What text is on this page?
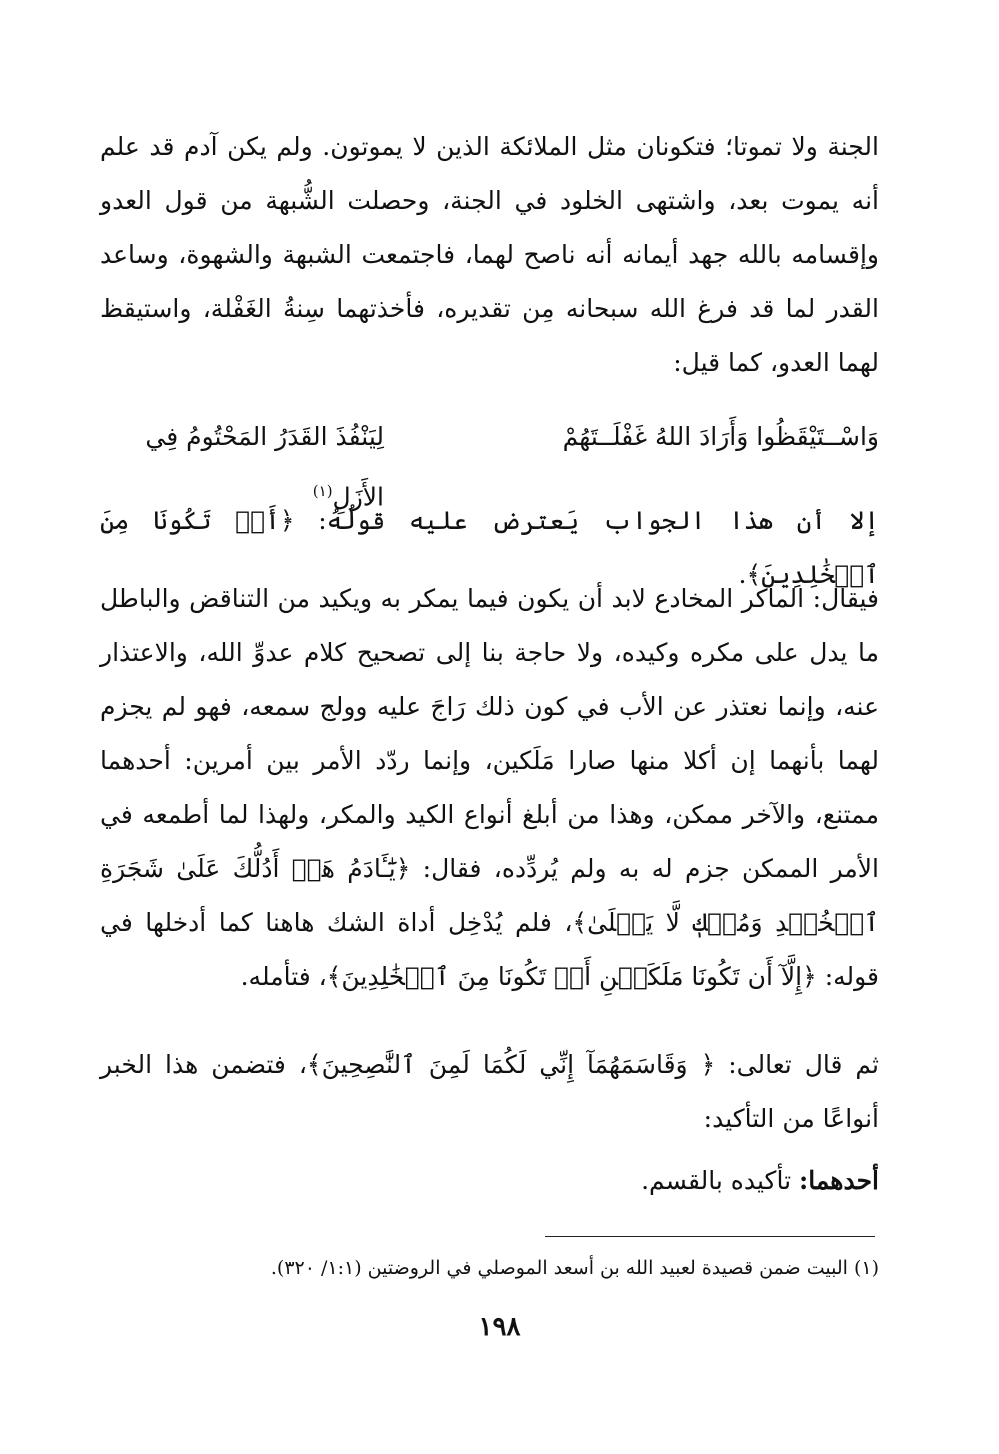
الجنة ولا تموتا؛ فتكونان مثل الملائكة الذين لا يموتون. ولم يكن آدم قد علم أنه يموت بعد، واشتهى الخلود في الجنة، وحصلت الشُّبهة من قول العدو وإقسامه بالله جهد أيمانه أنه ناصح لهما، فاجتمعت الشبهة والشهوة، وساعد القدر لما قد فرغ الله سبحانه مِن تقديره، فأخذتهما سِنةُ الغَفْلة، واستيقظ لهما العدو، كما قيل:

وَاسْــتَيْقَظُوا وَأَرَادَ اللهُ غَفْلَــتَهُمْ
لِيَنْفُذَ القَدَرُ المَحْتُومُ فِي الأَزَلِ$^{(١)}$

إلا أن هذا الجواب يَعترض عليه قولُهُ: ﴿أَوۡ تَكُونَا مِنَ ٱلۡخَٰلِدِينَ﴾.

فيقال: الماكر المخادع لابد أن يكون فيما يمكر به ويكيد من التناقض والباطل ما يدل على مكره وكيده، ولا حاجة بنا إلى تصحيح كلام عدوِّ الله، والاعتذار عنه، وإنما نعتذر عن الأب في كون ذلك رَاجَ عليه وولج سمعه، فهو لم يجزم لهما بأنهما إن أكلا منها صارا مَلَكين، وإنما ردّد الأمر بين أمرين: أحدهما ممتنع، والآخر ممكن، وهذا من أبلغ أنواع الكيد والمكر، ولهذا لما أطمعه في الأمر الممكن جزم له به ولم يُردِّده، فقال: ﴿يَٰٓـَٔادَمُ هَلۡ أَدُلُّكَ عَلَىٰ شَجَرَةِ ٱلۡخُلۡدِ وَمُلۡكٖ لَّا يَبۡلَىٰ﴾، فلم يُدْخِل أداة الشك هاهنا كما أدخلها في قوله: ﴿إِلَّآ أَن تَكُونَا مَلَكَيۡنِ أَوۡ تَكُونَا مِنَ ٱلۡخَٰلِدِينَ﴾، فتأمله.

ثم قال تعالى: ﴿ وَقَاسَمَهُمَآ إِنِّي لَكُمَا لَمِنَ ٱلنَّٰصِحِينَ﴾، فتضمن هذا الخبر أنواعًا من التأكيد:

أحدهما: تأكيده بالقسم.

(١) البيت ضمن قصيدة لعبيد الله بن أسعد الموصلي في الروضتين (١:١/ ٣٢٠).

١٩٨
